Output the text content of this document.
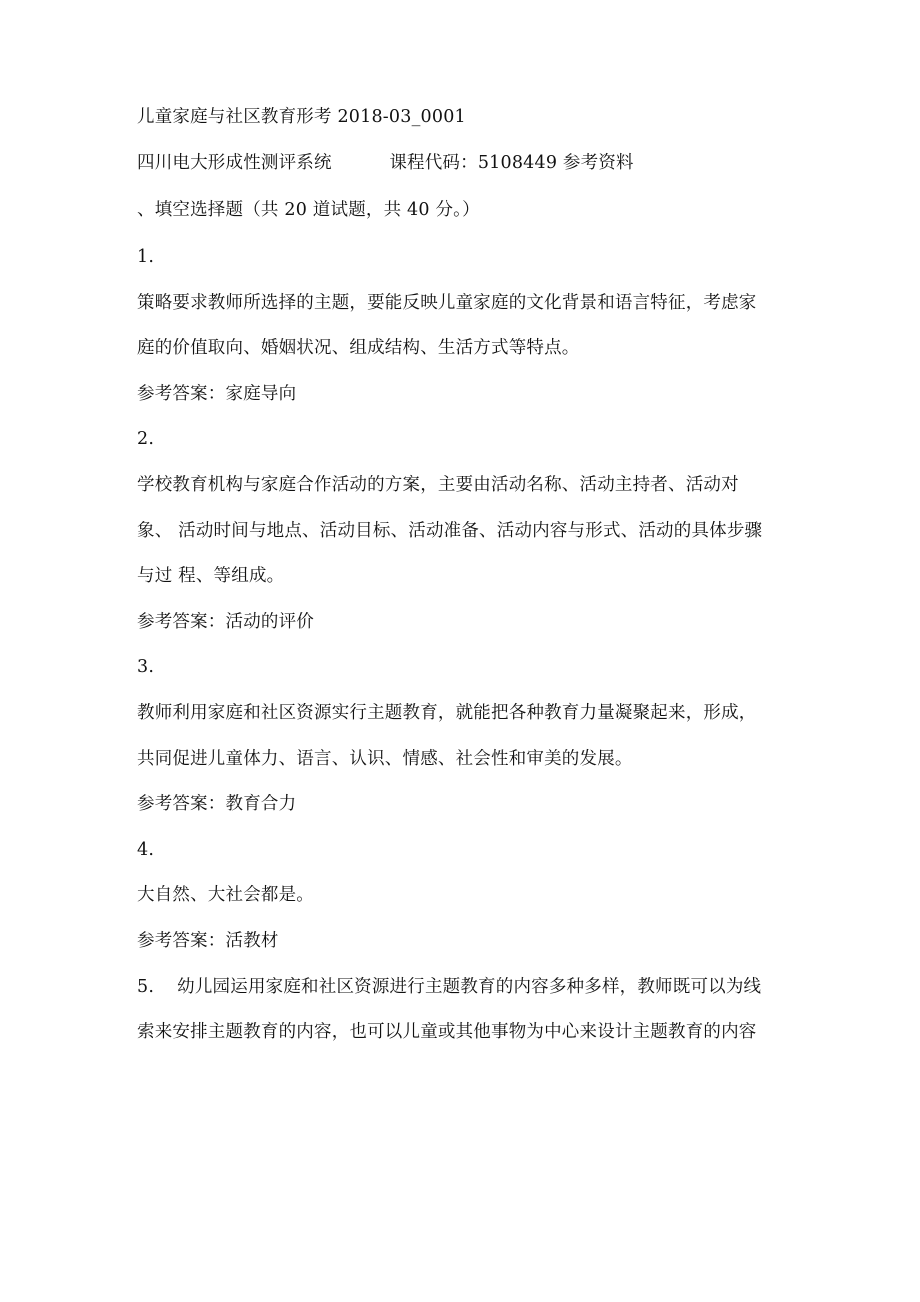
儿童家庭与社区教育形考 2018-03_0001
四川电大形成性测评系统          课程代码：5108449 参考资料
、填空选择题（共 20 道试题，共 40 分。）
1.
策略要求教师所选择的主题，要能反映儿童家庭的文化背景和语言特征，考虑家
庭的价值取向、婚姻状况、组成结构、生活方式等特点。
参考答案：家庭导向
2.
学校教育机构与家庭合作活动的方案，主要由活动名称、活动主持者、活动对
象、 活动时间与地点、活动目标、活动准备、活动内容与形式、活动的具体步骤
与过 程、等组成。
参考答案：活动的评价
3.
教师利用家庭和社区资源实行主题教育，就能把各种教育力量凝聚起来，形成，
共同促进儿童体力、语言、认识、情感、社会性和审美的发展。
参考答案：教育合力
4.
大自然、大社会都是。
参考答案：活教材
5.    幼儿园运用家庭和社区资源进行主题教育的内容多种多样，教师既可以为线
索来安排主题教育的内容，也可以儿童或其他事物为中心来设计主题教育的内容
